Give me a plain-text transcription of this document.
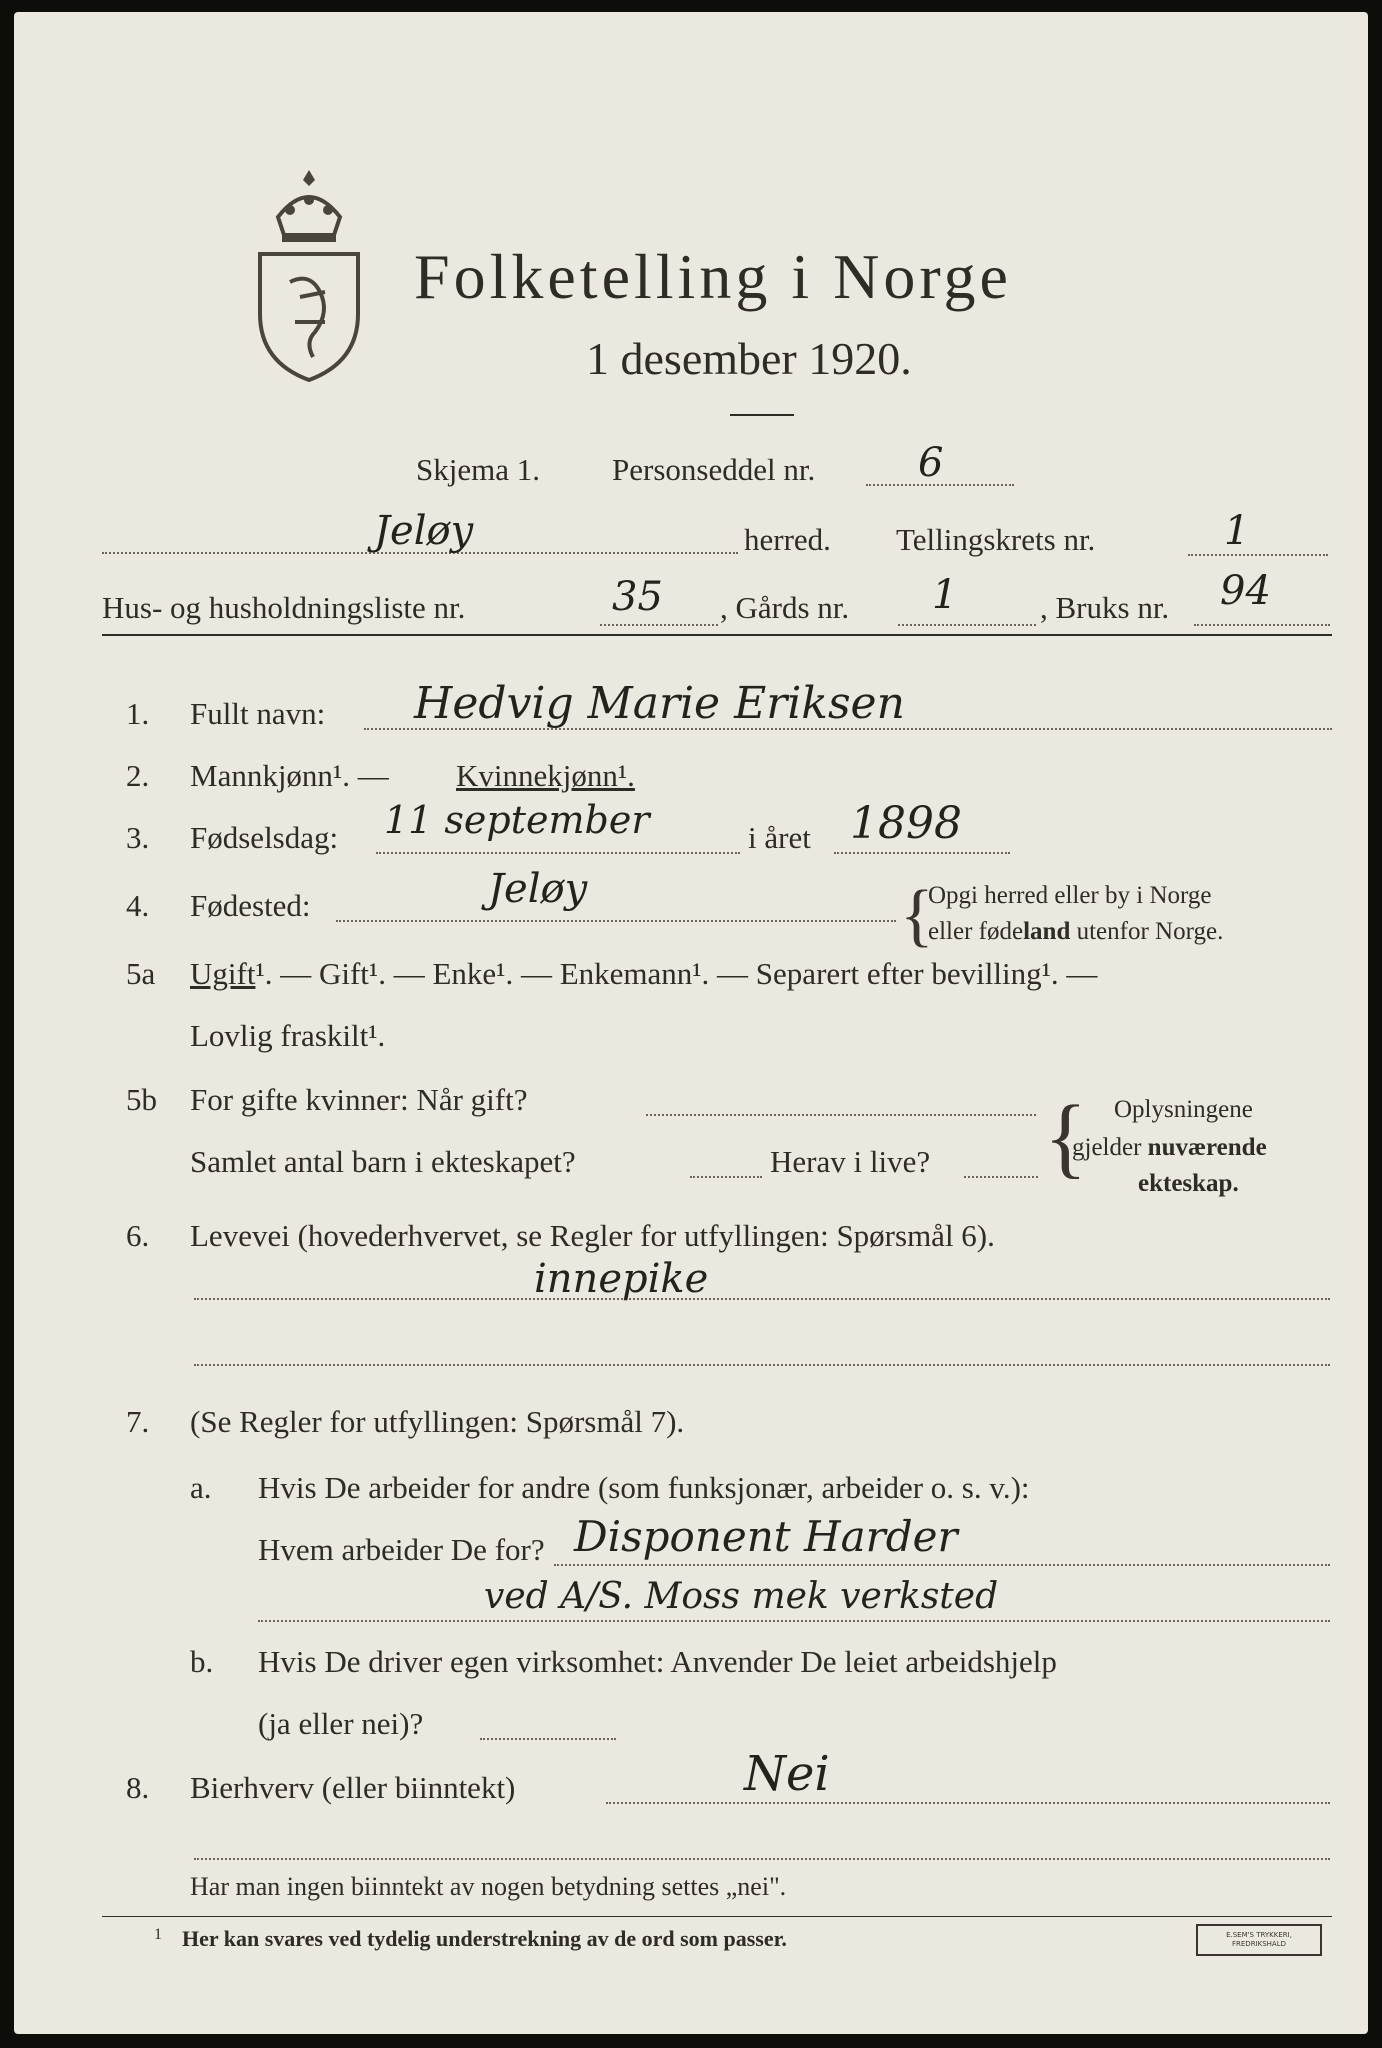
Folketelling i Norge
1 desember 1920.
Skjema 1. Personseddel nr.	6
Jeløy	herred. Tellingskrets nr.	1
Hus- og husholdningsliste nr.	35 , Gårds nr. 1	, Bruks nr. 94
1. Fullt navn: Hedvig Marie Eriksen
2. Mannkjønn¹. — Kvinnekjønn¹.
3. Fødselsdag: 11 september	i året 1898
4. Fødested:	Jeløy	{
Opgi herred eller by i Norge
eller fødeland utenfor Norge.
5a Ugift¹. — Gift¹. — Enke¹. — Enkemann¹. — Separert efter bevilling¹. —
Lovlig fraskilt¹.
5b For gifte kvinner: Når gift?
Samlet antal barn i ekteskapet?	Herav i live? { Oplysningene
gjelder nuværende
ekteskap.
6. Levevei (hovederhvervet, se Regler for utfyllingen: Spørsmål 6).
innepike
7. (Se Regler for utfyllingen: Spørsmål 7).
a. Hvis De arbeider for andre (som funksjonær, arbeider o. s. v.):
Hvem arbeider De for? Disponent Harder
ved A/S. Moss mek verksted
b. Hvis De driver egen virksomhet: Anvender De leiet arbeidshjelp
(ja eller nei)?
8. Bierhverv (eller biinntekt)	Nei
Har man ingen biinntekt av nogen betydning settes „nei".
1 Her kan svares ved tydelig understrekning av de ord som passer.	E.SEM'S TRYKKERI, FREDRIKSHALD
